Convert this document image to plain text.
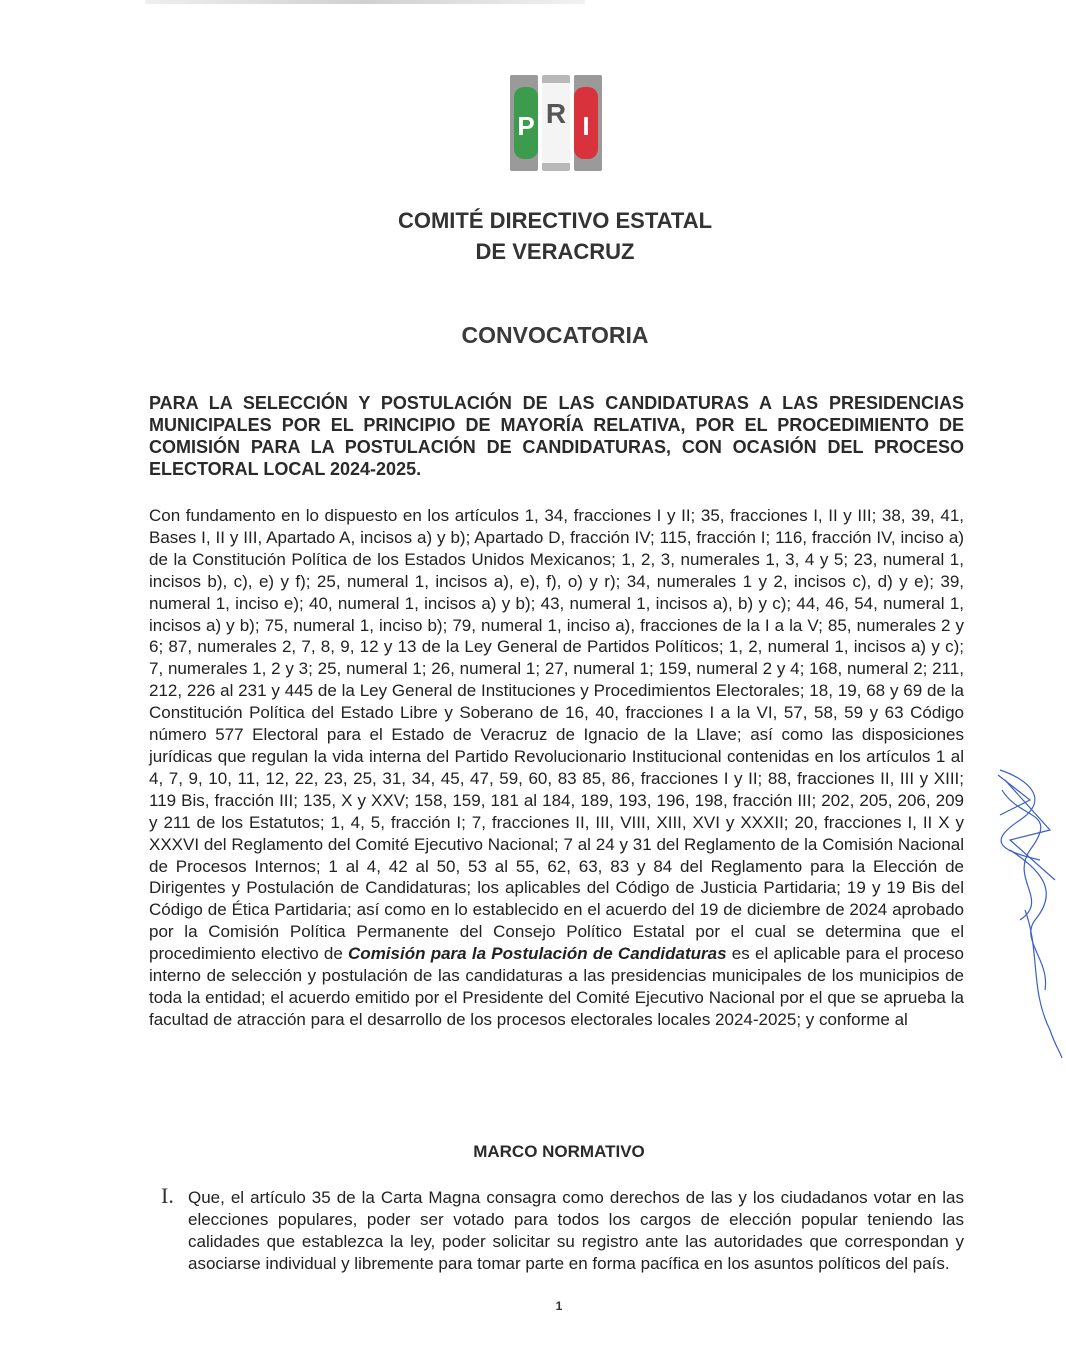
P R I
COMITÉ DIRECTIVO ESTATAL
DE VERACRUZ
CONVOCATORIA

PARA LA SELECCIÓN Y POSTULACIÓN DE LAS CANDIDATURAS A LAS PRESIDENCIAS MUNICIPALES POR EL PRINCIPIO DE MAYORÍA RELATIVA, POR EL PROCEDIMIENTO DE COMISIÓN PARA LA POSTULACIÓN DE CANDIDATURAS, CON OCASIÓN DEL PROCESO ELECTORAL LOCAL 2024-2025.

Con fundamento en lo dispuesto en los artículos 1, 34, fracciones I y II; 35, fracciones I, II y III; 38, 39, 41, Bases I, II y III, Apartado A, incisos a) y b); Apartado D, fracción IV; 115, fracción I; 116, fracción IV, inciso a) de la Constitución Política de los Estados Unidos Mexicanos; 1, 2, 3, numerales 1, 3, 4 y 5; 23, numeral 1, incisos b), c), e) y f); 25, numeral 1, incisos a), e), f), o) y r); 34, numerales 1 y 2, incisos c), d) y e); 39, numeral 1, inciso e); 40, numeral 1, incisos a) y b); 43, numeral 1, incisos a), b) y c); 44, 46, 54, numeral 1, incisos a) y b); 75, numeral 1, inciso b); 79, numeral 1, inciso a), fracciones de la I a la V; 85, numerales 2 y 6; 87, numerales 2, 7, 8, 9, 12 y 13 de la Ley General de Partidos Políticos; 1, 2, numeral 1, incisos a) y c); 7, numerales 1, 2 y 3; 25, numeral 1; 26, numeral 1; 27, numeral 1; 159, numeral 2 y 4; 168, numeral 2; 211, 212, 226 al 231 y 445 de la Ley General de Instituciones y Procedimientos Electorales; 18, 19, 68 y 69 de la Constitución Política del Estado Libre y Soberano de 16, 40, fracciones I a la VI, 57, 58, 59 y 63 Código número 577 Electoral para el Estado de Veracruz de Ignacio de la Llave; así como las disposiciones jurídicas que regulan la vida interna del Partido Revolucionario Institucional contenidas en los artículos 1 al 4, 7, 9, 10, 11, 12, 22, 23, 25, 31, 34, 45, 47, 59, 60, 83 85, 86, fracciones I y II; 88, fracciones II, III y XIII; 119 Bis, fracción III; 135, X y XXV; 158, 159, 181 al 184, 189, 193, 196, 198, fracción III; 202, 205, 206, 209 y 211 de los Estatutos; 1, 4, 5, fracción I; 7, fracciones II, III, VIII, XIII, XVI y XXXII; 20, fracciones I, II X y XXXVI del Reglamento del Comité Ejecutivo Nacional; 7 al 24 y 31 del Reglamento de la Comisión Nacional de Procesos Internos; 1 al 4, 42 al 50, 53 al 55, 62, 63, 83 y 84 del Reglamento para la Elección de Dirigentes y Postulación de Candidaturas; los aplicables del Código de Justicia Partidaria; 19 y 19 Bis del Código de Ética Partidaria; así como en lo establecido en el acuerdo del 19 de diciembre de 2024 aprobado por la Comisión Política Permanente del Consejo Político Estatal por el cual se determina que el procedimiento electivo de Comisión para la Postulación de Candidaturas es el aplicable para el proceso interno de selección y postulación de las candidaturas a las presidencias municipales de los municipios de toda la entidad; el acuerdo emitido por el Presidente del Comité Ejecutivo Nacional por el que se aprueba la facultad de atracción para el desarrollo de los procesos electorales locales 2024-2025; y conforme al

MARCO NORMATIVO

I. Que, el artículo 35 de la Carta Magna consagra como derechos de las y los ciudadanos votar en las elecciones populares, poder ser votado para todos los cargos de elección popular teniendo las calidades que establezca la ley, poder solicitar su registro ante las autoridades que correspondan y asociarse individual y libremente para tomar parte en forma pacífica en los asuntos políticos del país.

1
